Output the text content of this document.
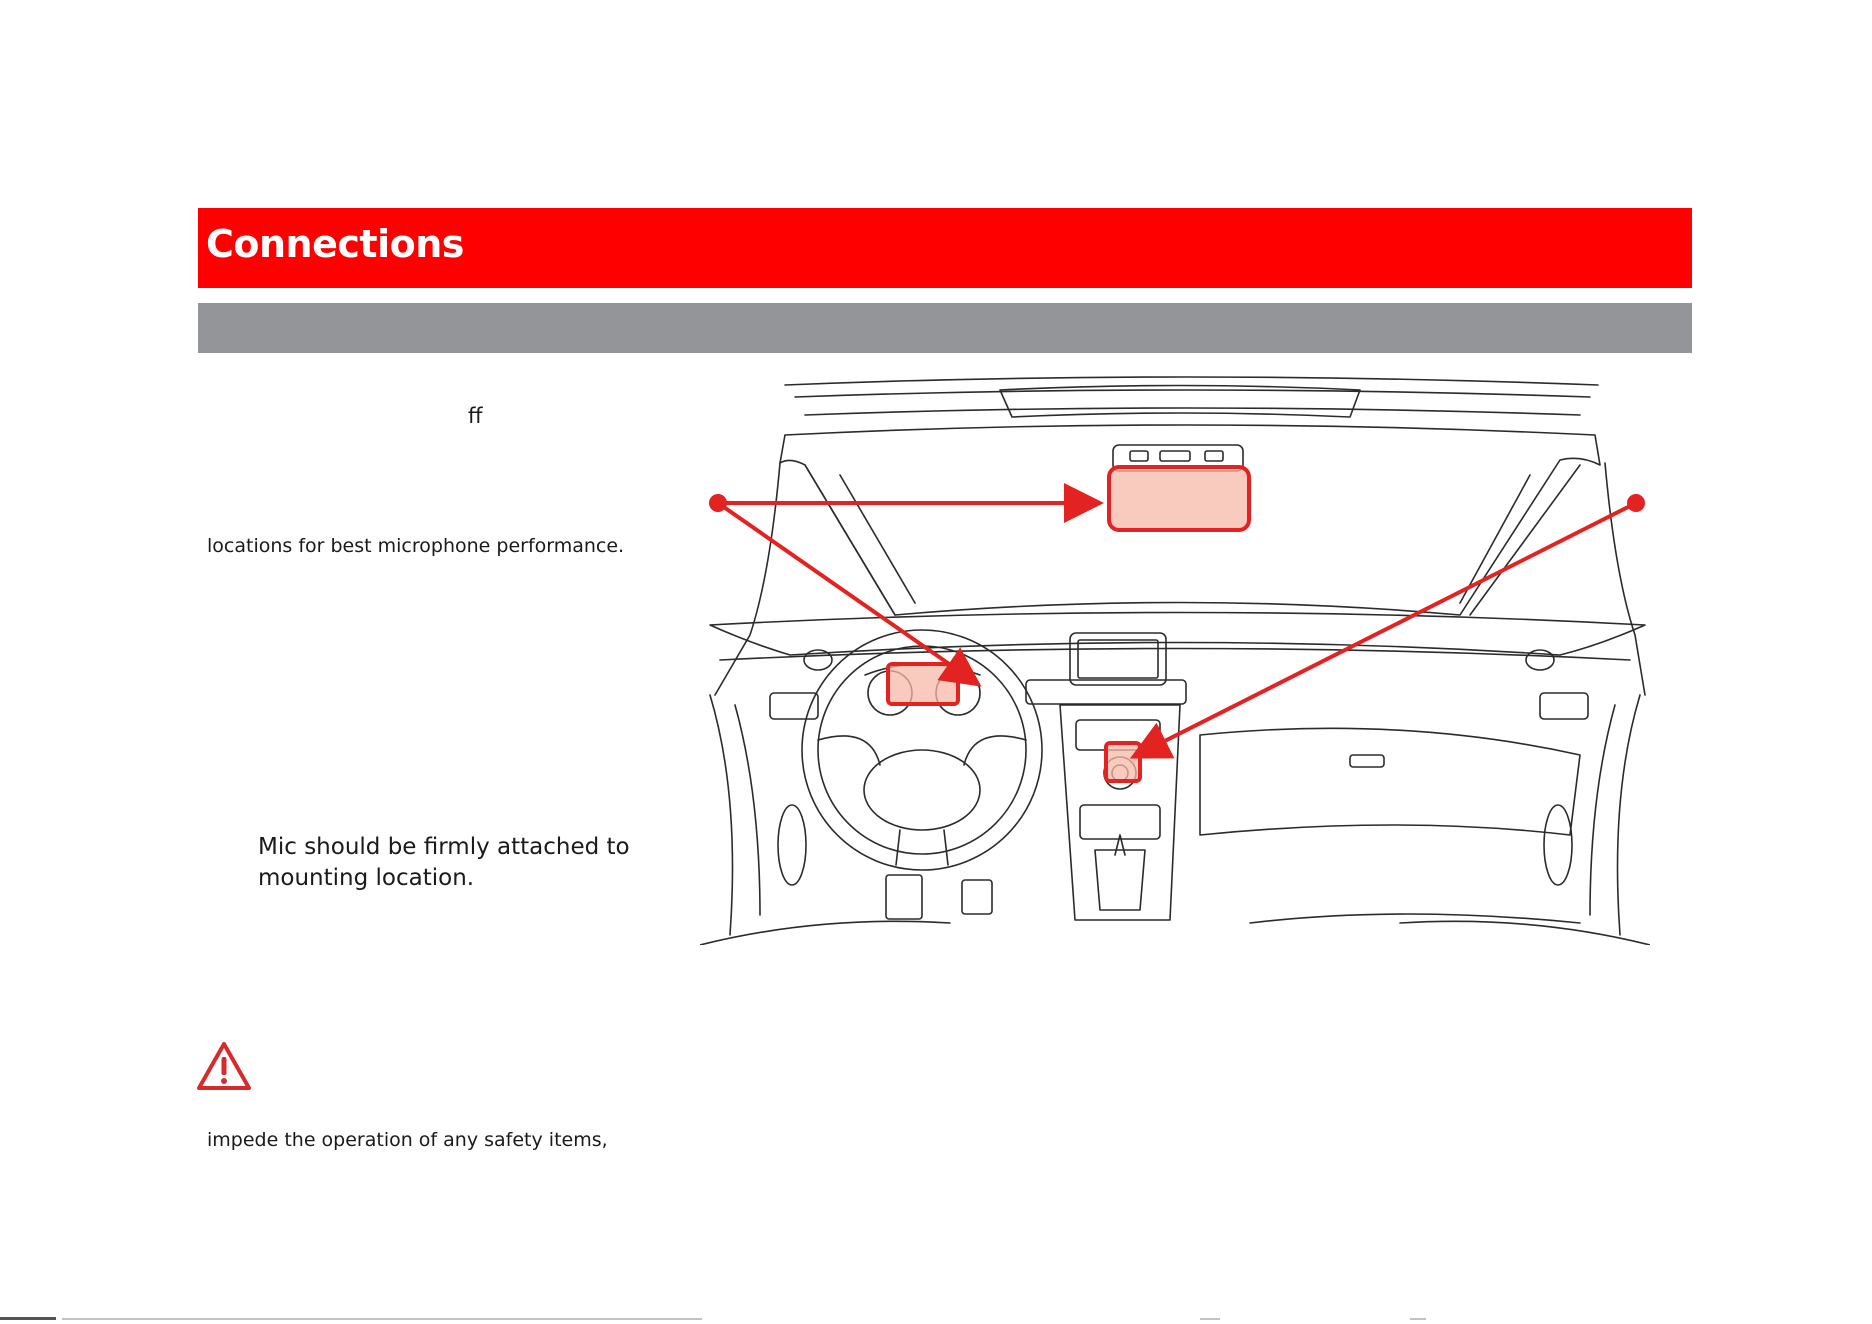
Connections
ﬀ
locations for best microphone performance.
Mic should be firmly attached to
mounting location.
impede the operation of any safety items,
